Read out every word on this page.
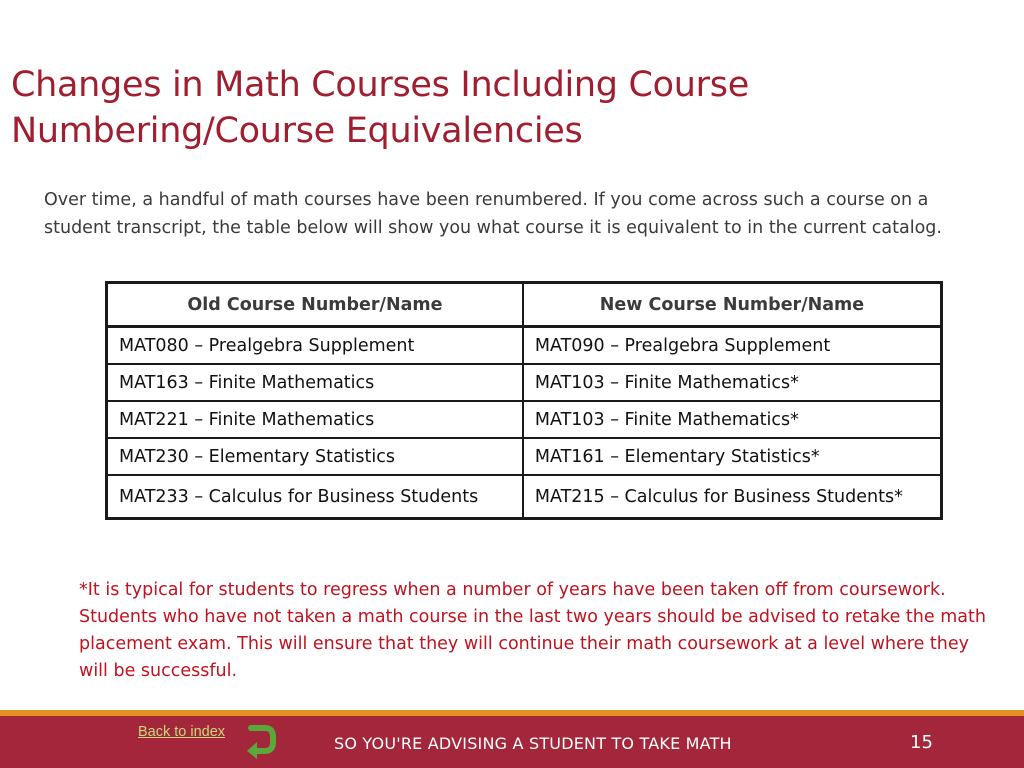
Changes in Math Courses Including Course Numbering/Course Equivalencies

Over time, a handful of math courses have been renumbered. If you come across such a course on a student transcript, the table below will show you what course it is equivalent to in the current catalog.

Old Course Number/Name	New Course Number/Name
MAT080 – Prealgebra Supplement	MAT090 – Prealgebra Supplement
MAT163 – Finite Mathematics	MAT103 – Finite Mathematics*
MAT221 – Finite Mathematics	MAT103 – Finite Mathematics*
MAT230 – Elementary Statistics	MAT161 – Elementary Statistics*
MAT233 – Calculus for Business Students	MAT215 – Calculus for Business Students*

*It is typical for students to regress when a number of years have been taken off from coursework. Students who have not taken a math course in the last two years should be advised to retake the math placement exam. This will ensure that they will continue their math coursework at a level where they will be successful.

Back to index
SO YOU'RE ADVISING A STUDENT TO TAKE MATH	15
